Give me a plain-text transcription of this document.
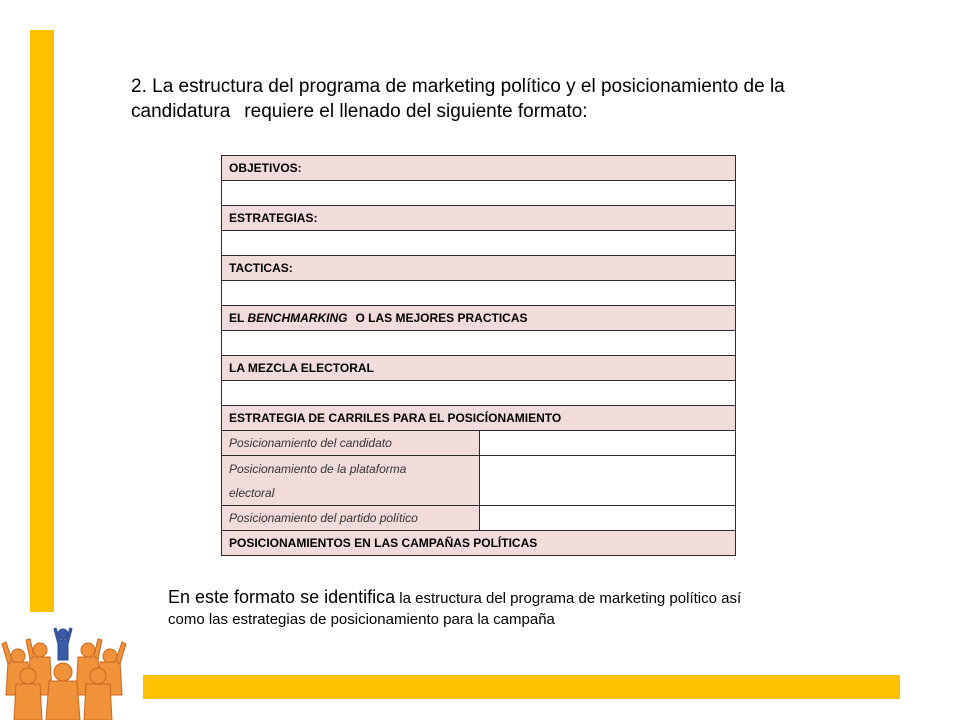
2. La estructura del programa de marketing político y el posicionamiento de la
candidatura requiere el llenado del siguiente formato:
OBJETIVOS:	

ESTRATEGIAS:	

TACTICAS:	

EL BENCHMARKING O LAS MEJORES PRACTICAS	

LA MEZCLA ELECTORAL	

ESTRATEGIA DE CARRILES PARA EL POSICÍONAMIENTO	
Posicionamiento del candidato	
Posicionamiento de la plataforma
electoral	
Posicionamiento del partido político	
POSICIONAMIENTOS EN LAS CAMPAÑAS POLÍTICAS	
En este formato se identifica la estructura del programa de marketing político así
como las estrategias de posicionamiento para la campaña
